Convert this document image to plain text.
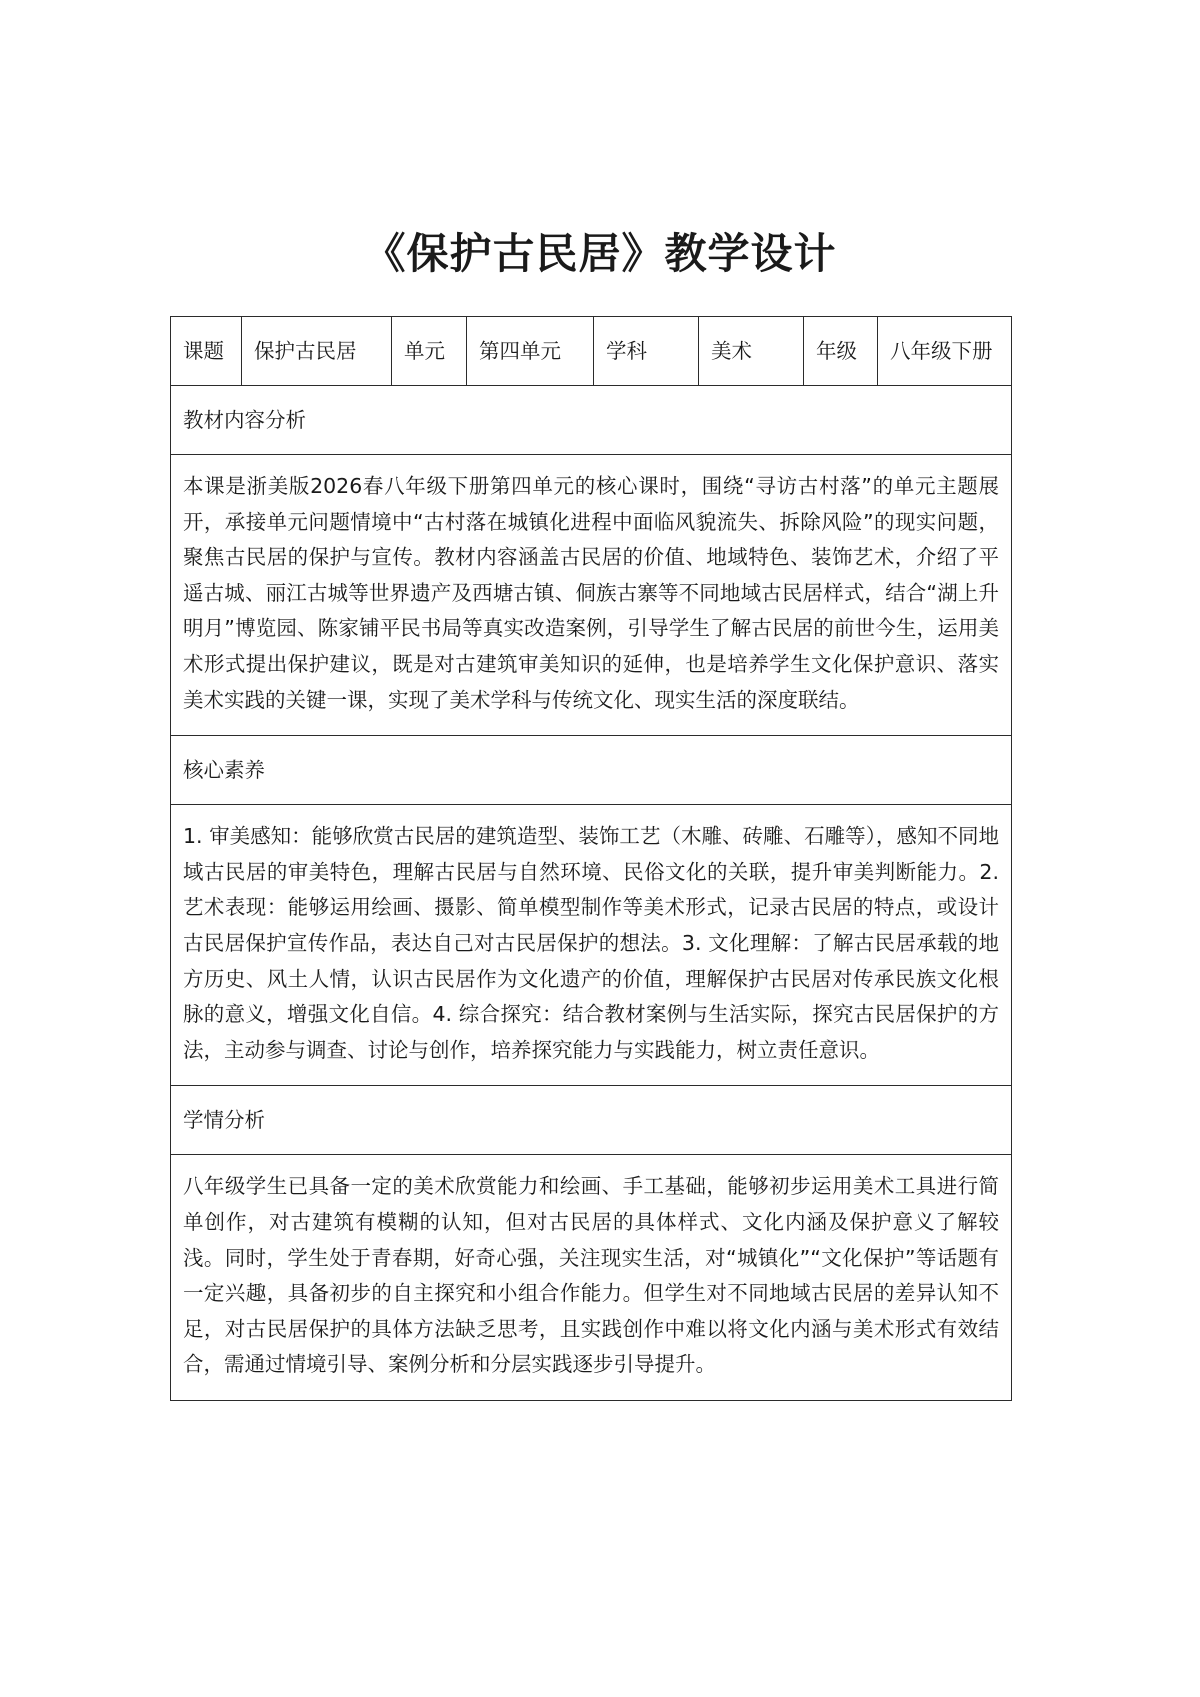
《保护古民居》教学设计
课题	保护古民居	单元	第四单元	学科	美术	年级	八年级下册
教材内容分析

本课是浙美版2026春八年级下册第四单元的核心课时，围绕“寻访古村落”的单元主题展开，承接单元问题情境中“古村落在城镇化进程中面临风貌流失、拆除风险”的现实问题，聚焦古民居的保护与宣传。教材内容涵盖古民居的价值、地域特色、装饰艺术，介绍了平遥古城、丽江古城等世界遗产及西塘古镇、侗族古寨等不同地域古民居样式，结合“湖上升明月”博览园、陈家铺平民书局等真实改造案例，引导学生了解古民居的前世今生，运用美术形式提出保护建议，既是对古建筑审美知识的延伸，也是培养学生文化保护意识、落实美术实践的关键一课，实现了美术学科与传统文化、现实生活的深度联结。

核心素养

1. 审美感知：能够欣赏古民居的建筑造型、装饰工艺（木雕、砖雕、石雕等），感知不同地域古民居的审美特色，理解古民居与自然环境、民俗文化的关联，提升审美判断能力。2. 艺术表现：能够运用绘画、摄影、简单模型制作等美术形式，记录古民居的特点，或设计古民居保护宣传作品，表达自己对古民居保护的想法。3. 文化理解：了解古民居承载的地方历史、风土人情，认识古民居作为文化遗产的价值，理解保护古民居对传承民族文化根脉的意义，增强文化自信。4. 综合探究：结合教材案例与生活实际，探究古民居保护的方法，主动参与调查、讨论与创作，培养探究能力与实践能力，树立责任意识。

学情分析

八年级学生已具备一定的美术欣赏能力和绘画、手工基础，能够初步运用美术工具进行简单创作，对古建筑有模糊的认知，但对古民居的具体样式、文化内涵及保护意义了解较浅。同时，学生处于青春期，好奇心强，关注现实生活，对“城镇化”“文化保护”等话题有一定兴趣，具备初步的自主探究和小组合作能力。但学生对不同地域古民居的差异认知不足，对古民居保护的具体方法缺乏思考，且实践创作中难以将文化内涵与美术形式有效结合，需通过情境引导、案例分析和分层实践逐步引导提升。
